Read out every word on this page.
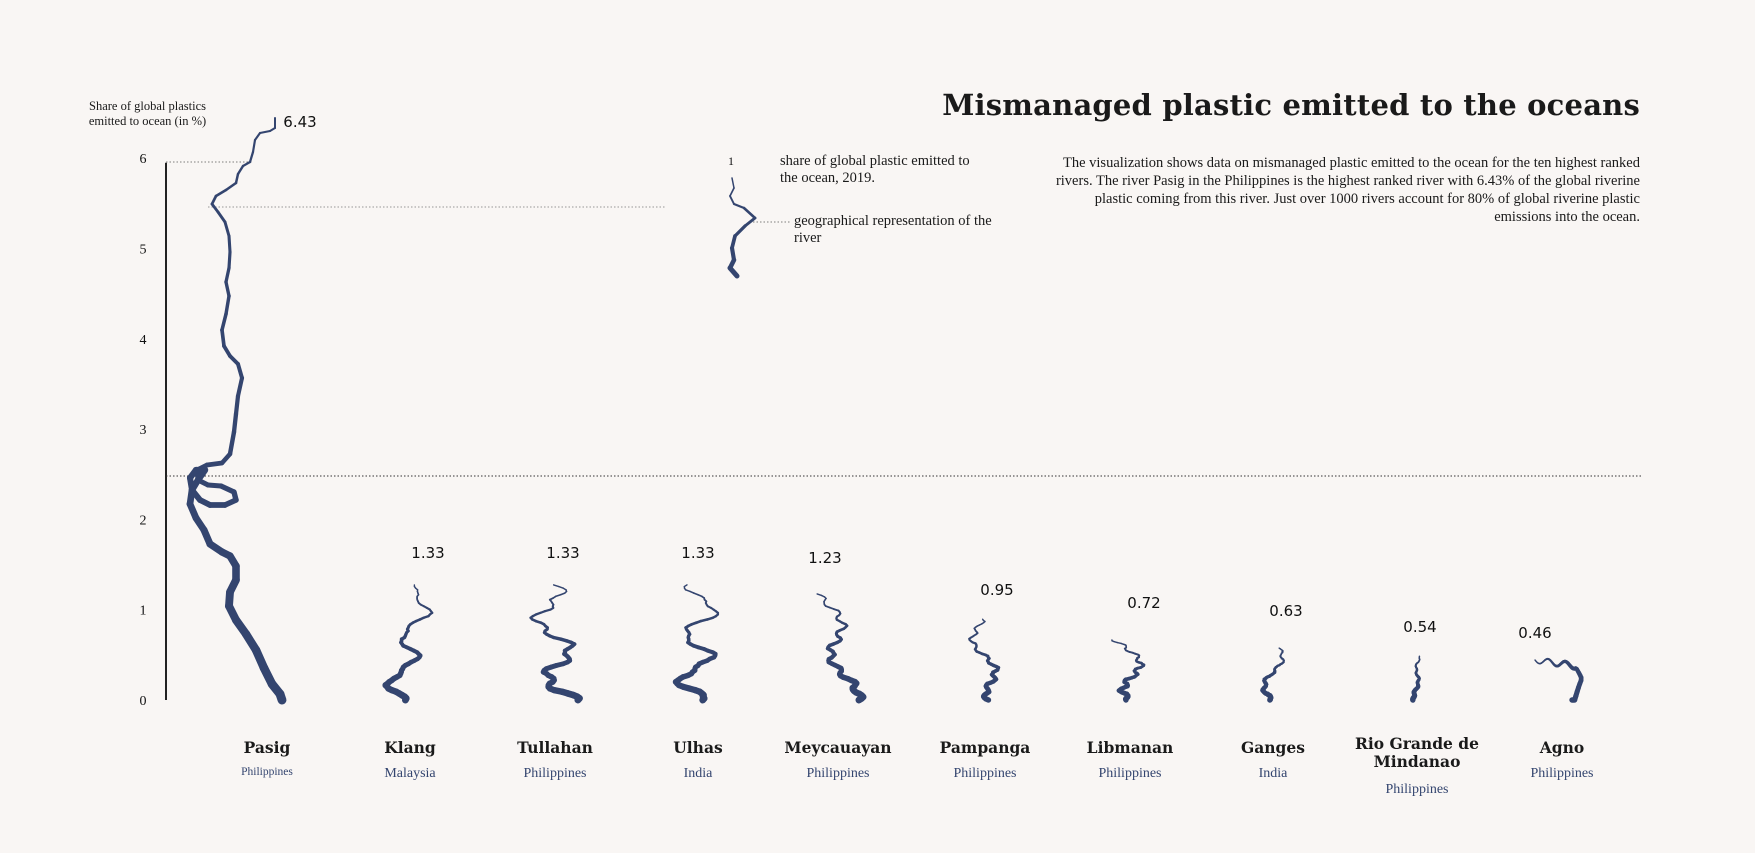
0
1
2
3
4
5
6
6.43
1.33	1.33	1.33	1.23
0.95
0.72	0.63
0.54	0.46
1
Mismanaged plastic emitted to the oceans

The visualization shows data on mismanaged plastic emitted to the ocean for the ten highest ranked rivers. The river Pasig in the Philippines is the highest ranked river with 6.43% of the global riverine plastic coming from this river. Just over 1000 rivers account for 80% of global riverine plastic emissions into the ocean.

Share of global plastics emitted to ocean (in %)
share of global plastic emitted to the ocean, 2019.
geographical representation of the river
Pasig
Philippines
Klang
Malaysia
Tullahan
Philippines
Ulhas
India
Meycauayan
Philippines
Pampanga
Philippines
Libmanan
Philippines
Ganges
India
Rio Grande de Mindanao
Philippines
Agno
Philippines
